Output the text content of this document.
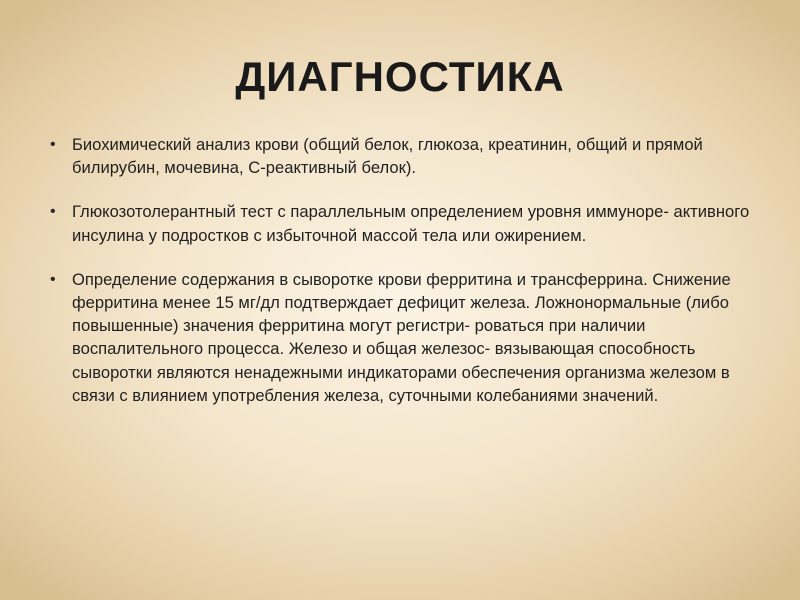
ДИАГНОСТИКА
• Биохимический анализ крови (общий белок, глюкоза, креатинин, общий и прямой билирубин, мочевина, С-реактивный белок).
• Глюкозотолерантный тест с параллельным определением уровня иммуноре- активного инсулина у подростков с избыточной массой тела или ожирением.
• Определение содержания в сыворотке крови ферритина и трансферрина. Снижение ферритина менее 15 мг/дл подтверждает дефицит железа. Ложнонормальные (либо повышенные) значения ферритина могут регистри- роваться при наличии воспалительного процесса. Железо и общая железос- вязывающая способность сыворотки являются ненадежными индикаторами обеспечения организма железом в связи с влиянием употребления железа, суточными колебаниями значений.
